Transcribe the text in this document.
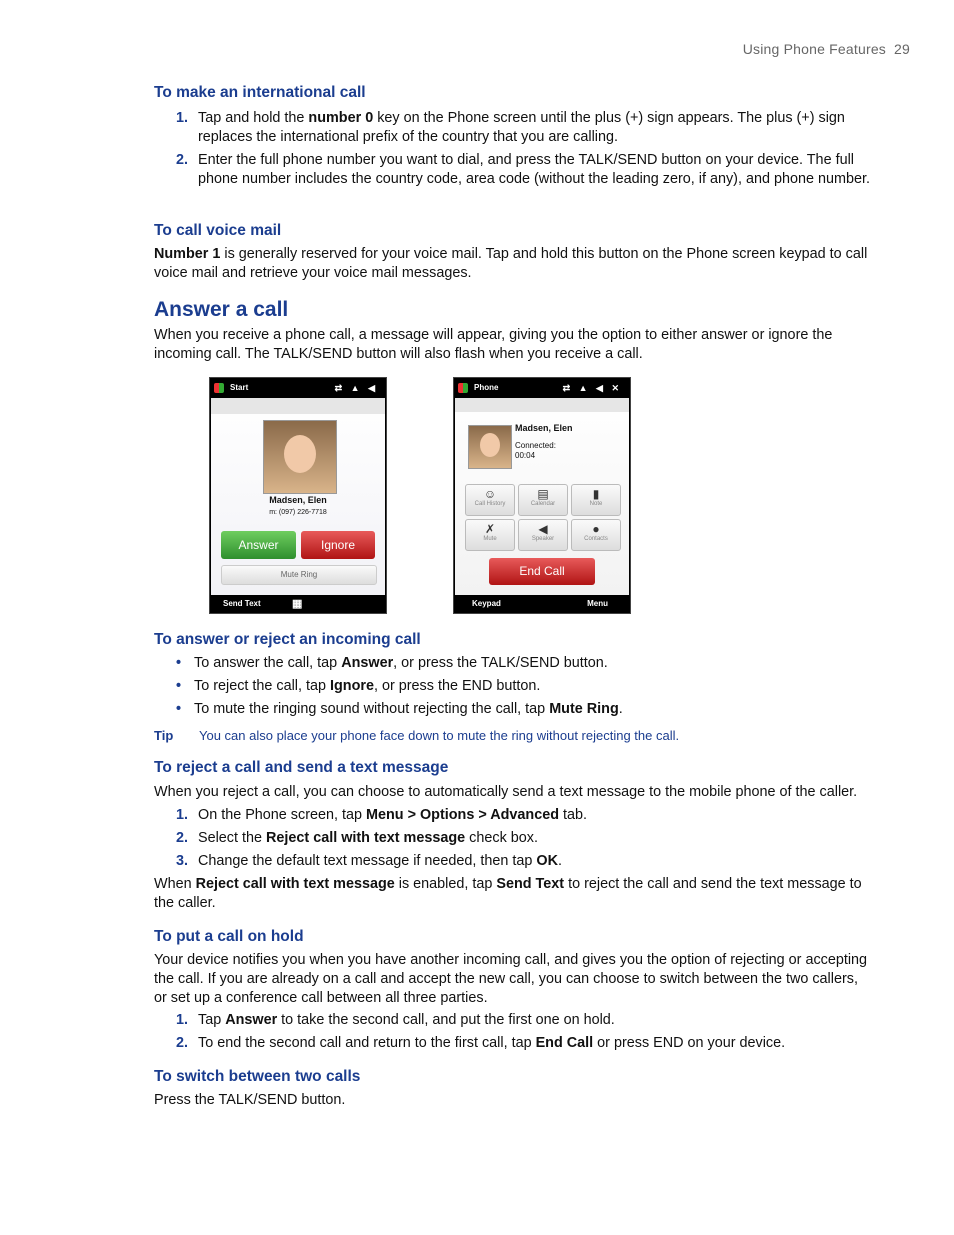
Using Phone Features 29
To make an international call
1. Tap and hold the number 0 key on the Phone screen until the plus (+) sign appears. The plus (+) sign replaces the international prefix of the country that you are calling.
2. Enter the full phone number you want to dial, and press the TALK/SEND button on your device. The full phone number includes the country code, area code (without the leading zero, if any), and phone number.
To call voice mail

Number 1 is generally reserved for your voice mail. Tap and hold this button on the Phone screen keypad to call voice mail and retrieve your voice mail messages.

Answer a call

When you receive a phone call, a message will appear, giving you the option to either answer or ignore the incoming call. The TALK/SEND button will also flash when you receive a call.

Start	⇄ ▲ ◀
Madsen, Elen
m: (097) 226-7718
Answer	Ignore
Mute Ring
Send Text	▦
Phone	⇄ ▲ ◀ ✕
Madsen, Elen
Connected:
00:04
☺
Call History
▤
Calendar
▮
Note
✗
Mute
◀
Speaker
●
Contacts
End Call
Keypad	Menu
To answer or reject an incoming call
• To answer the call, tap Answer, or press the TALK/SEND button.
• To reject the call, tap Ignore, or press the END button.
• To mute the ringing sound without rejecting the call, tap Mute Ring.
Tip You can also place your phone face down to mute the ring without rejecting the call.
To reject a call and send a text message

When you reject a call, you can choose to automatically send a text message to the mobile phone of the caller.

1. On the Phone screen, tap Menu > Options > Advanced tab.
2. Select the Reject call with text message check box.
3. Change the default text message if needed, then tap OK.

When Reject call with text message is enabled, tap Send Text to reject the call and send the text message to the caller.

To put a call on hold

Your device notifies you when you have another incoming call, and gives you the option of rejecting or accepting the call. If you are already on a call and accept the new call, you can choose to switch between the two callers, or set up a conference call between all three parties.

1. Tap Answer to take the second call, and put the first one on hold.
2. To end the second call and return to the first call, tap End Call or press END on your device.
To switch between two calls

Press the TALK/SEND button.
